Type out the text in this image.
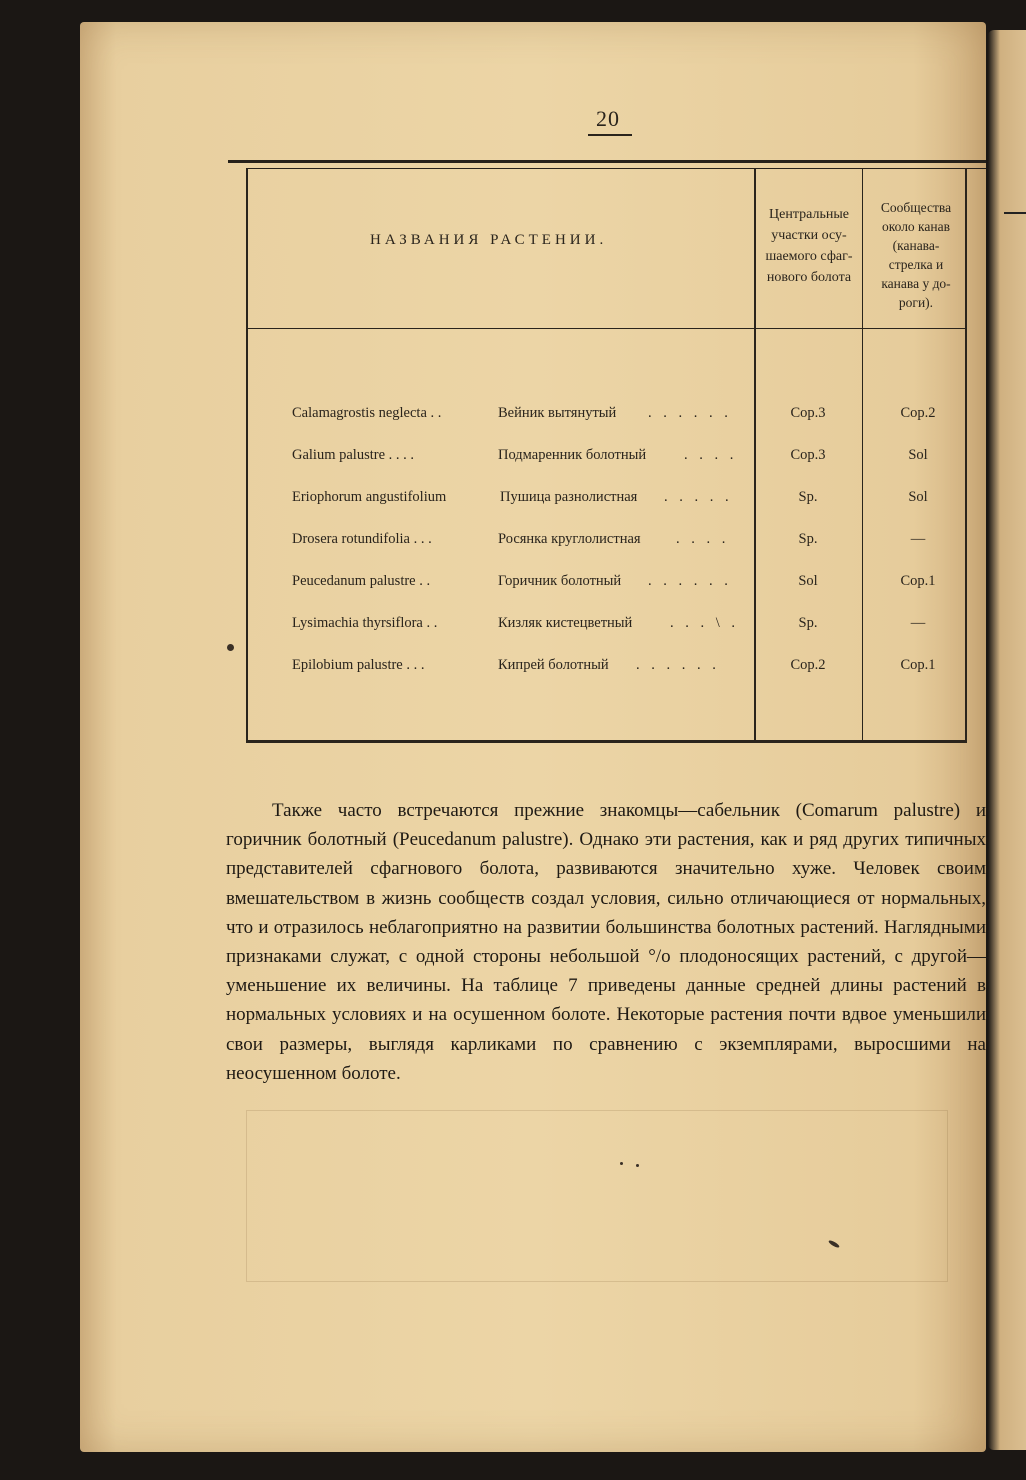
20
НАЗВАНИЯ РАСТЕНИИ.
Центральные
участки осу-
шаемого сфаг-
нового болота
Сообщества
около канав
(канава-
стрелка и
канава у до-
роги).
Calamagrostis neglecta . .	Вейник вытянутый . . . . . .	Cop.3	Cop.2
Galium palustre . . . .	Подмаренник болотный	. . . .	Cop.3	Sol
Eriophorum angustifolium	Пушица разнолистная . . . . .	Sp.	Sol
Drosera rotundifolia . . .	Росянка круглолистная . . . .	Sp.	—
Peucedanum palustre . .	Горичник болотный . . . . . .	Sol	Cop.1
Lysimachia thyrsiflora . .	Кизляк кистецветный	. . . \ .	Sp.	—
Epilobium palustre . . .	Кипрей болотный . . . . . .	Cop.2	Cop.1

Также часто встречаются прежние знакомцы—сабельник (Comarum palustre) и горичник болотный (Peucedanum palustre). Однако эти растения, как и ряд других типичных представителей сфагнового болота, развиваются значительно хуже. Человек своим вмешательством в жизнь сообществ создал условия, сильно отличающиеся от нормальных, что и отразилось неблагоприятно на развитии большинства болотных растений. Наглядными признаками служат, с одной стороны небольшой °/о плодоносящих растений, с другой—уменьшение их величины. На таблице 7 приведены данные средней длины растений в нормальных условиях и на осушенном болоте. Некоторые растения почти вдвое уменьшили свои размеры, выглядя карликами по сравнению с экземплярами, выросшими на неосушенном болоте.
